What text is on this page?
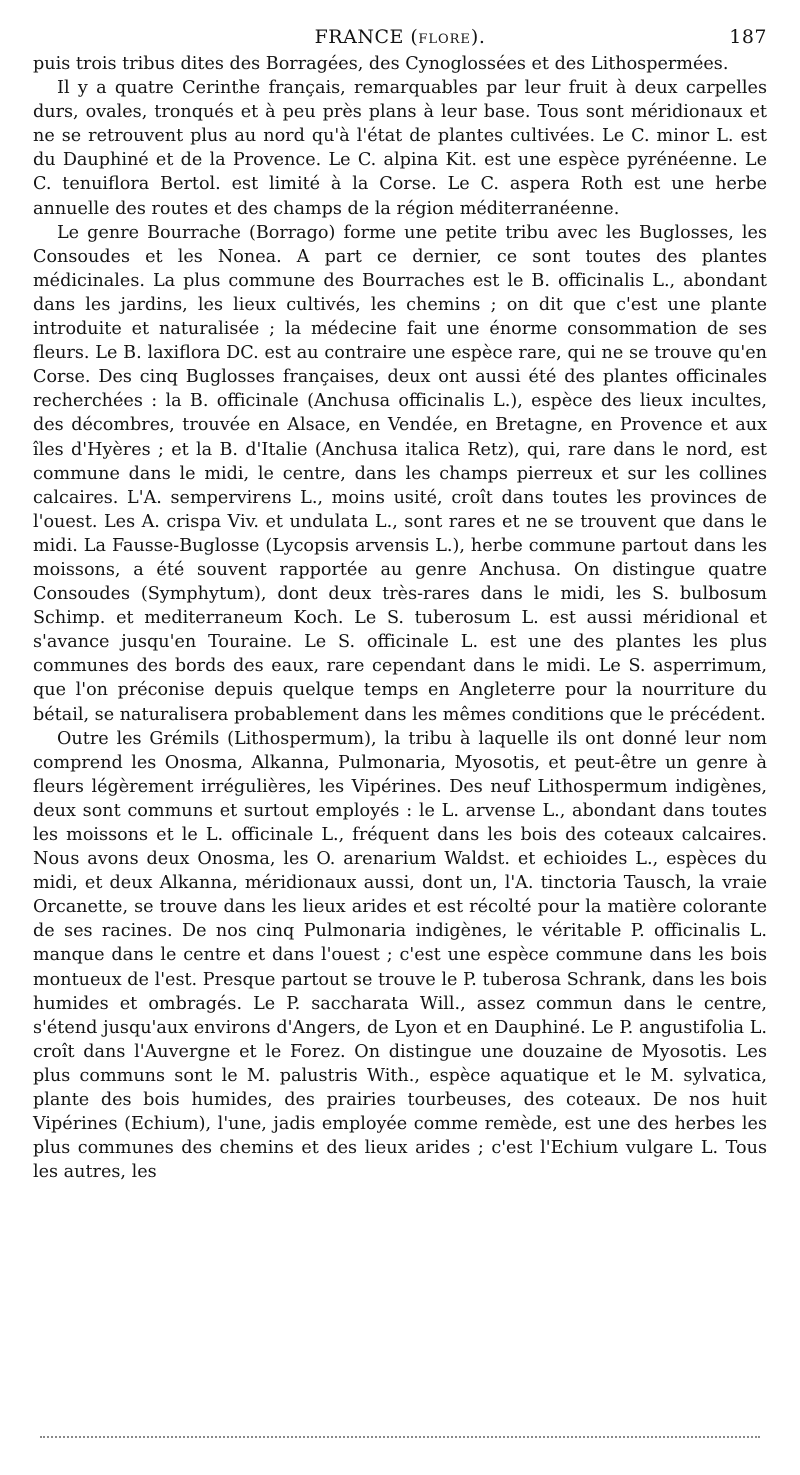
FRANCE (FLORE).	187

puis trois tribus dites des Borragées, des Cynoglossées et des Lithospermées.

Il y a quatre Cerinthe français, remarquables par leur fruit à deux carpelles durs, ovales, tronqués et à peu près plans à leur base. Tous sont méridionaux et ne se retrouvent plus au nord qu'à l'état de plantes cultivées. Le C. minor L. est du Dauphiné et de la Provence. Le C. alpina Kit. est une espèce pyrénéenne. Le C. tenuiflora Bertol. est limité à la Corse. Le C. aspera Roth est une herbe annuelle des routes et des champs de la région méditerranéenne.

Le genre Bourrache (Borrago) forme une petite tribu avec les Buglosses, les Consoudes et les Nonea. A part ce dernier, ce sont toutes des plantes médicinales. La plus commune des Bourraches est le B. officinalis L., abondant dans les jardins, les lieux cultivés, les chemins ; on dit que c'est une plante introduite et naturalisée ; la médecine fait une énorme consommation de ses fleurs. Le B. laxiflora DC. est au contraire une espèce rare, qui ne se trouve qu'en Corse. Des cinq Buglosses françaises, deux ont aussi été des plantes officinales recherchées : la B. officinale (Anchusa officinalis L.), espèce des lieux incultes, des décombres, trouvée en Alsace, en Vendée, en Bretagne, en Provence et aux îles d'Hyères ; et la B. d'Italie (Anchusa italica Retz), qui, rare dans le nord, est commune dans le midi, le centre, dans les champs pierreux et sur les collines calcaires. L'A. sempervirens L., moins usité, croît dans toutes les provinces de l'ouest. Les A. crispa Viv. et undulata L., sont rares et ne se trouvent que dans le midi. La Fausse-Buglosse (Lycopsis arvensis L.), herbe commune partout dans les moissons, a été souvent rapportée au genre Anchusa. On distingue quatre Consoudes (Symphytum), dont deux très-rares dans le midi, les S. bulbosum Schimp. et mediterraneum Koch. Le S. tuberosum L. est aussi méridional et s'avance jusqu'en Touraine. Le S. officinale L. est une des plantes les plus communes des bords des eaux, rare cependant dans le midi. Le S. asperrimum, que l'on préconise depuis quelque temps en Angleterre pour la nourriture du bétail, se naturalisera probablement dans les mêmes conditions que le précédent.

Outre les Grémils (Lithospermum), la tribu à laquelle ils ont donné leur nom comprend les Onosma, Alkanna, Pulmonaria, Myosotis, et peut-être un genre à fleurs légèrement irrégulières, les Vipérines. Des neuf Lithospermum indigènes, deux sont communs et surtout employés : le L. arvense L., abondant dans toutes les moissons et le L. officinale L., fréquent dans les bois des coteaux calcaires. Nous avons deux Onosma, les O. arenarium Waldst. et echioides L., espèces du midi, et deux Alkanna, méridionaux aussi, dont un, l'A. tinctoria Tausch, la vraie Orcanette, se trouve dans les lieux arides et est récolté pour la matière colorante de ses racines. De nos cinq Pulmonaria indigènes, le véritable P. officinalis L. manque dans le centre et dans l'ouest ; c'est une espèce commune dans les bois montueux de l'est. Presque partout se trouve le P. tuberosa Schrank, dans les bois humides et ombragés. Le P. saccharata Will., assez commun dans le centre, s'étend jusqu'aux environs d'Angers, de Lyon et en Dauphiné. Le P. angustifolia L. croît dans l'Auvergne et le Forez. On distingue une douzaine de Myosotis. Les plus communs sont le M. palustris With., espèce aquatique et le M. sylvatica, plante des bois humides, des prairies tourbeuses, des coteaux. De nos huit Vipérines (Echium), l'une, jadis employée comme remède, est une des herbes les plus communes des chemins et des lieux arides ; c'est l'Echium vulgare L. Tous les autres, les
